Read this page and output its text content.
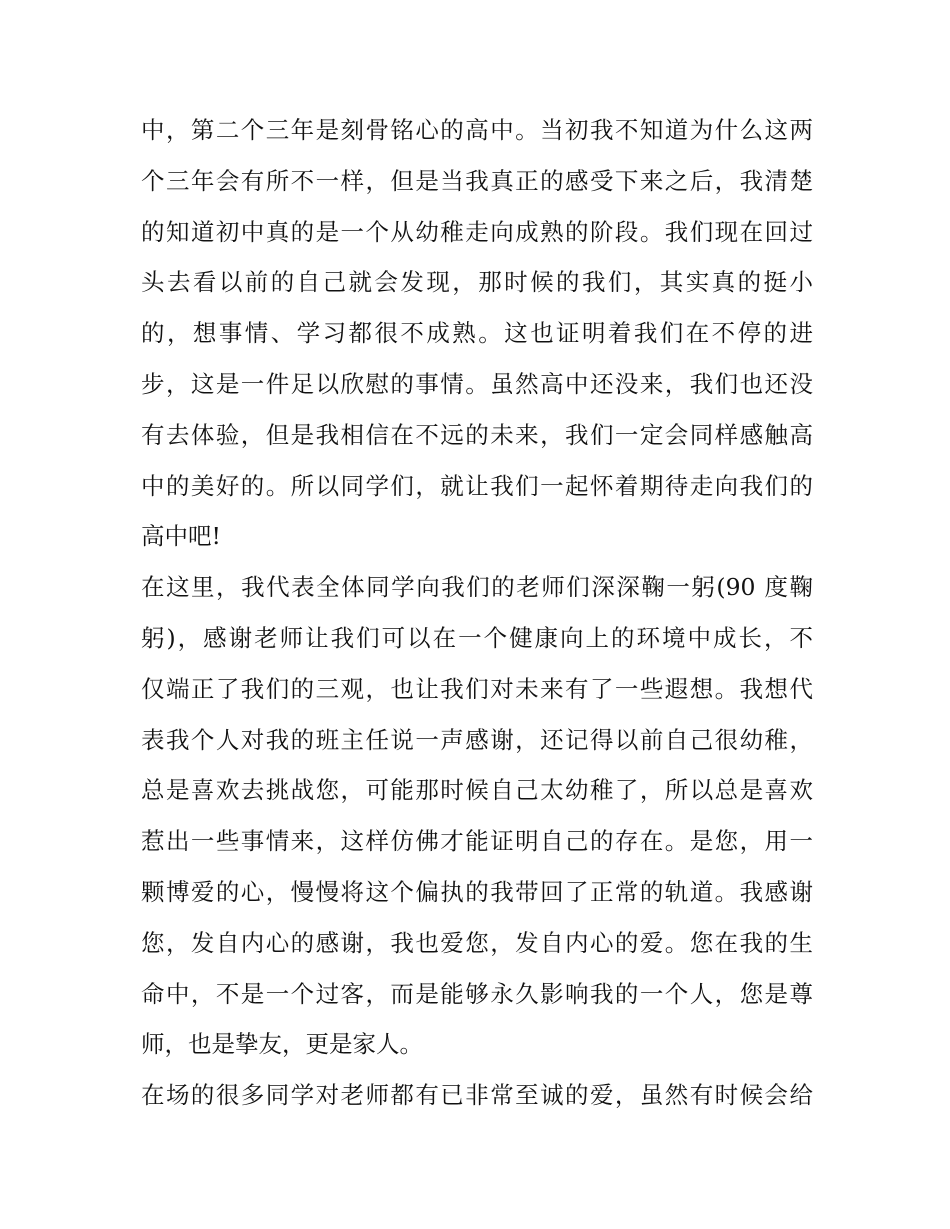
中，第二个三年是刻骨铭心的高中。当初我不知道为什么这两
个三年会有所不一样，但是当我真正的感受下来之后，我清楚
的知道初中真的是一个从幼稚走向成熟的阶段。我们现在回过
头去看以前的自己就会发现，那时候的我们，其实真的挺小
的，想事情、学习都很不成熟。这也证明着我们在不停的进
步，这是一件足以欣慰的事情。虽然高中还没来，我们也还没
有去体验，但是我相信在不远的未来，我们一定会同样感触高
中的美好的。所以同学们，就让我们一起怀着期待走向我们的
高中吧!
在这里，我代表全体同学向我们的老师们深深鞠一躬(90 度鞠
躬)，感谢老师让我们可以在一个健康向上的环境中成长，不
仅端正了我们的三观，也让我们对未来有了一些遐想。我想代
表我个人对我的班主任说一声感谢，还记得以前自己很幼稚，
总是喜欢去挑战您，可能那时候自己太幼稚了，所以总是喜欢
惹出一些事情来，这样仿佛才能证明自己的存在。是您，用一
颗博爱的心，慢慢将这个偏执的我带回了正常的轨道。我感谢
您，发自内心的感谢，我也爱您，发自内心的爱。您在我的生
命中，不是一个过客，而是能够永久影响我的一个人，您是尊
师，也是挚友，更是家人。
在场的很多同学对老师都有已非常至诚的爱，虽然有时候会给
